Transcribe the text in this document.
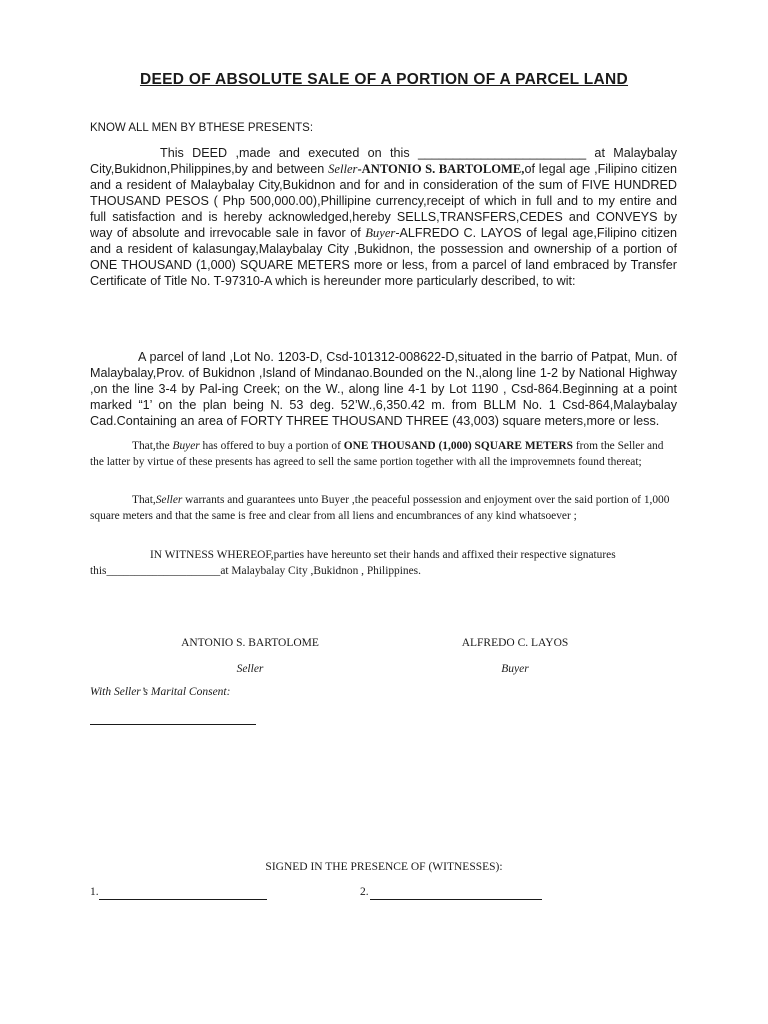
DEED OF ABSOLUTE SALE OF A PORTION OF A PARCEL LAND
KNOW ALL MEN BY BTHESE PRESENTS:
This DEED ,made and executed on this ________________________ at Malaybalay City,Bukidnon,Philippines,by and between Seller-ANTONIO S. BARTOLOME,of legal age ,Filipino citizen and a resident of Malaybalay City,Bukidnon and for and in consideration of the sum of FIVE HUNDRED THOUSAND PESOS ( Php 500,000.00),Phillipine currency,receipt of which in full and to my entire and full satisfaction and is hereby acknowledged,hereby SELLS,TRANSFERS,CEDES and CONVEYS by way of absolute and irrevocable sale in favor of Buyer-ALFREDO C. LAYOS of legal age,Filipino citizen and a resident of kalasungay,Malaybalay City ,Bukidnon, the possession and ownership of a portion of ONE THOUSAND (1,000) SQUARE METERS more or less, from a parcel of land embraced by Transfer Certificate of Title No. T-97310-A which is hereunder more particularly described, to wit:
A parcel of land ,Lot No. 1203-D, Csd-101312-008622-D,situated in the barrio of Patpat, Mun. of Malaybalay,Prov. of Bukidnon ,Island of Mindanao.Bounded on the N.,along line 1-2 by National Highway ,on the line 3-4 by Pal-ing Creek; on the W., along line 4-1 by Lot 1190 , Csd-864.Beginning at a point marked “1’ on the plan being N. 53 deg. 52’W.,6,350.42 m. from BLLM No. 1 Csd-864,Malaybalay Cad.Containing an area of FORTY THREE THOUSAND THREE (43,003) square meters,more or less.
That,the Buyer has offered to buy a portion of ONE THOUSAND (1,000) SQUARE METERS from the Seller and the latter by virtue of these presents has agreed to sell the same portion together with all the improvemnets found thereat;
That,Seller warrants and guarantees unto Buyer ,the peaceful possession and enjoyment over the said portion of 1,000 square meters and that the same is free and clear from all liens and encumbrances of any kind whatsoever ;
IN WITNESS WHEREOF,parties have hereunto set their hands and affixed their respective signatures this____________________at Malaybalay City ,Bukidnon , Philippines.
ANTONIO S. BARTOLOME	ALFREDO C. LAYOS
Seller	Buyer
With Seller’s Marital Consent:
SIGNED IN THE PRESENCE OF (WITNESSES):
1.	2.
